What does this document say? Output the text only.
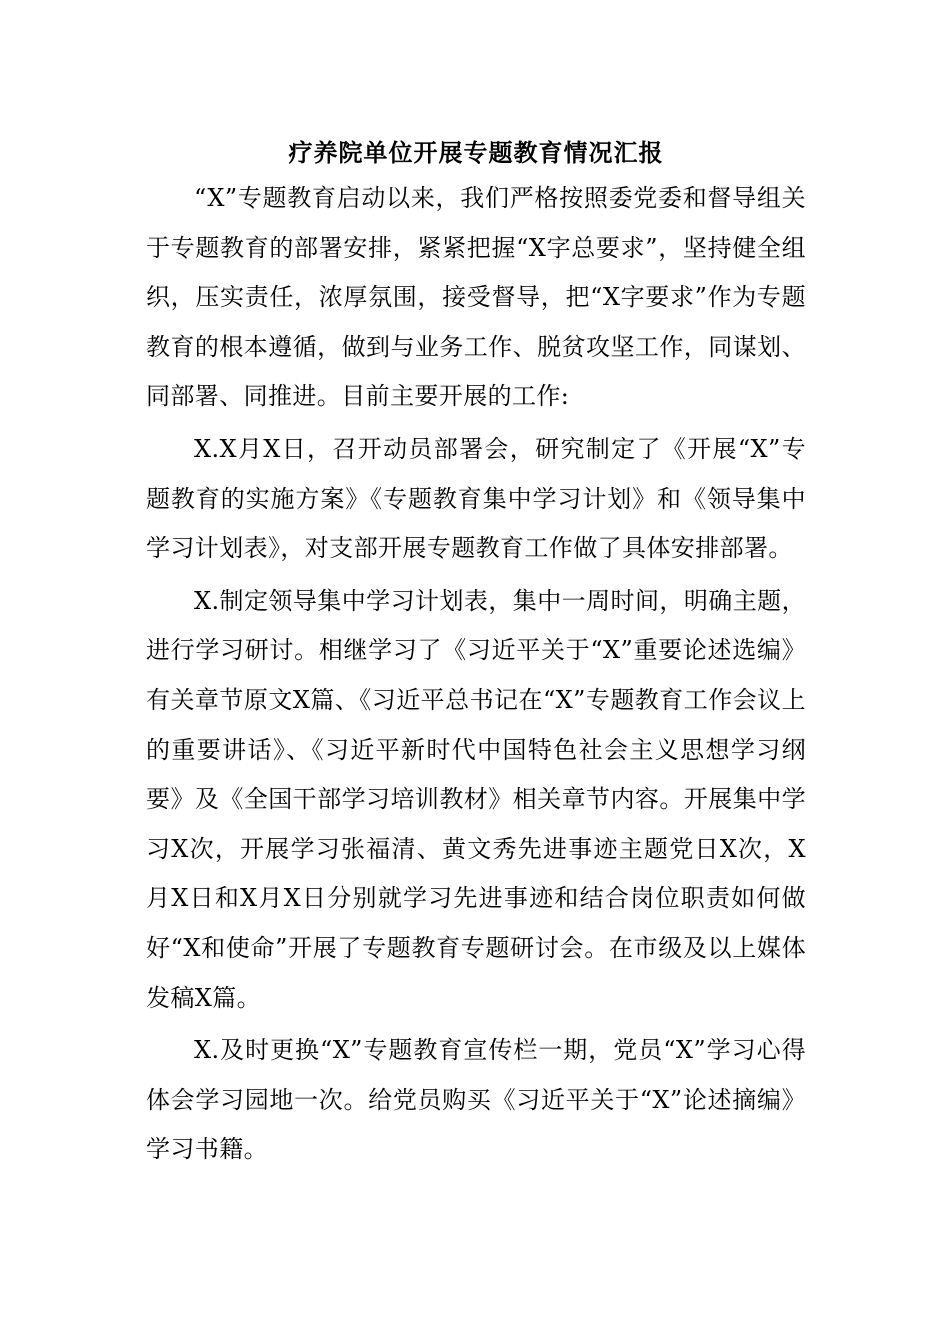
疗养院单位开展专题教育情况汇报

“X”专题教育启动以来，我们严格按照委党委和督导组关于专题教育的部署安排，紧紧把握“X字总要求”，坚持健全组织，压实责任，浓厚氛围，接受督导，把“X字要求”作为专题教育的根本遵循，做到与业务工作、脱贫攻坚工作，同谋划、同部署、同推进。目前主要开展的工作:

X.X月X日，召开动员部署会，研究制定了《开展“X”专题教育的实施方案》《专题教育集中学习计划》和《领导集中学习计划表》，对支部开展专题教育工作做了具体安排部署。

X.制定领导集中学习计划表，集中一周时间，明确主题，进行学习研讨。相继学习了《习近平关于“X”重要论述选编》有关章节原文X篇、《习近平总书记在“X”专题教育工作会议上的重要讲话》、《习近平新时代中国特色社会主义思想学习纲要》及《全国干部学习培训教材》相关章节内容。开展集中学习X次，开展学习张福清、黄文秀先进事迹主题党日X次，X月X日和X月X日分别就学习先进事迹和结合岗位职责如何做好“X和使命”开展了专题教育专题研讨会。在市级及以上媒体发稿X篇。

X.及时更换“X”专题教育宣传栏一期，党员“X”学习心得体会学习园地一次。给党员购买《习近平关于“X”论述摘编》学习书籍。
